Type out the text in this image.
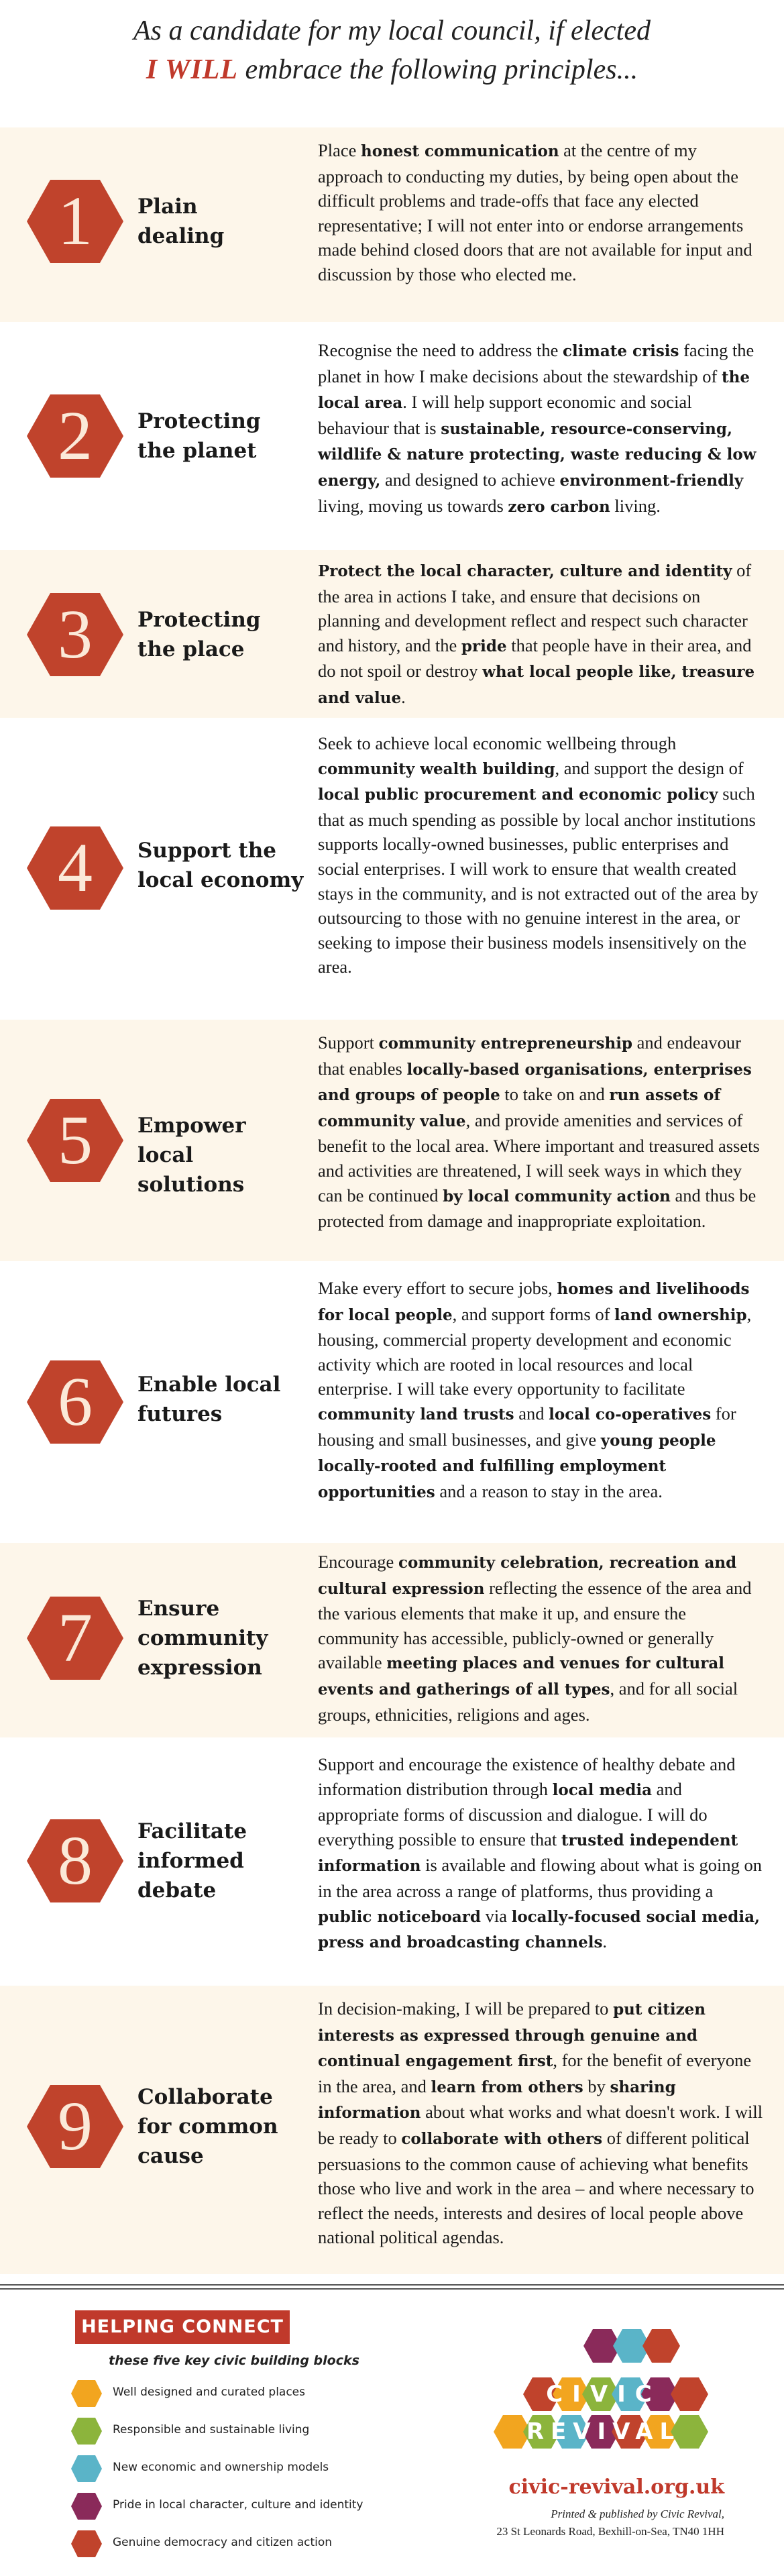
As a candidate for my local council, if elected
I WILL embrace the following principles...
1	Plain
dealing
Place honest communication at the centre of my approach to conducting my duties, by being open about the difficult problems and trade-offs that face any elected representative; I will not enter into or endorse arrangements made behind closed doors that are not available for input and discussion by those who elected me.
2	Protecting
the planet
Recognise the need to address the climate crisis facing the planet in how I make decisions about the stewardship of the local area. I will help support economic and social behaviour that is sustainable, resource-conserving, wildlife & nature protecting, waste reducing & low energy, and designed to achieve environment-friendly living, moving us towards zero carbon living.
3	Protecting
the place
Protect the local character, culture and identity of the area in actions I take, and ensure that decisions on planning and development reflect and respect such character and history, and the pride that people have in their area, and do not spoil or destroy what local people like, treasure and value.
4	Support the
local economy
Seek to achieve local economic wellbeing through community wealth building, and support the design of local public procurement and economic policy such that as much spending as possible by local anchor institutions supports locally-owned businesses, public enterprises and social enterprises. I will work to ensure that wealth created stays in the community, and is not extracted out of the area by outsourcing to those with no genuine interest in the area, or seeking to impose their business models insensitively on the area.
5	Empower local
solutions
Support community entrepreneurship and endeavour that enables locally-based organisations, enterprises and groups of people to take on and run assets of community value, and provide amenities and services of benefit to the local area. Where important and treasured assets and activities are threatened, I will seek ways in which they can be continued by local community action and thus be protected from damage and inappropriate exploitation.
6	Enable local
futures
Make every effort to secure jobs, homes and livelihoods for local people, and support forms of land ownership, housing, commercial property development and economic activity which are rooted in local resources and local enterprise. I will take every opportunity to facilitate community land trusts and local co-operatives for housing and small businesses, and give young people locally-rooted and fulfilling employment opportunities and a reason to stay in the area.
7	Ensure
community
expression
Encourage community celebration, recreation and cultural expression reflecting the essence of the area and the various elements that make it up, and ensure the community has accessible, publicly-owned or generally available meeting places and venues for cultural events and gatherings of all types, and for all social groups, ethnicities, religions and ages.
8	Facilitate
informed
debate
Support and encourage the existence of healthy debate and information distribution through local media and appropriate forms of discussion and dialogue. I will do everything possible to ensure that trusted independent information is available and flowing about what is going on in the area across a range of platforms, thus providing a public noticeboard via locally-focused social media, press and broadcasting channels.
9	Collaborate
for common
cause
In decision-making, I will be prepared to put citizen interests as expressed through genuine and continual engagement first, for the benefit of everyone in the area, and learn from others by sharing information about what works and what doesn't work. I will be ready to collaborate with others of different political persuasions to the common cause of achieving what benefits those who live and work in the area – and where necessary to reflect the needs, interests and desires of local people above national political agendas.
HELPING CONNECT
these five key civic building blocks
Well designed and curated places
Responsible and sustainable living
New economic and ownership models
Pride in local character, culture and identity
Genuine democracy and citizen action
CIVIC
REVIVAL
civic-revival.org.uk
Printed & published by Civic Revival,
23 St Leonards Road, Bexhill-on-Sea, TN40 1HH
